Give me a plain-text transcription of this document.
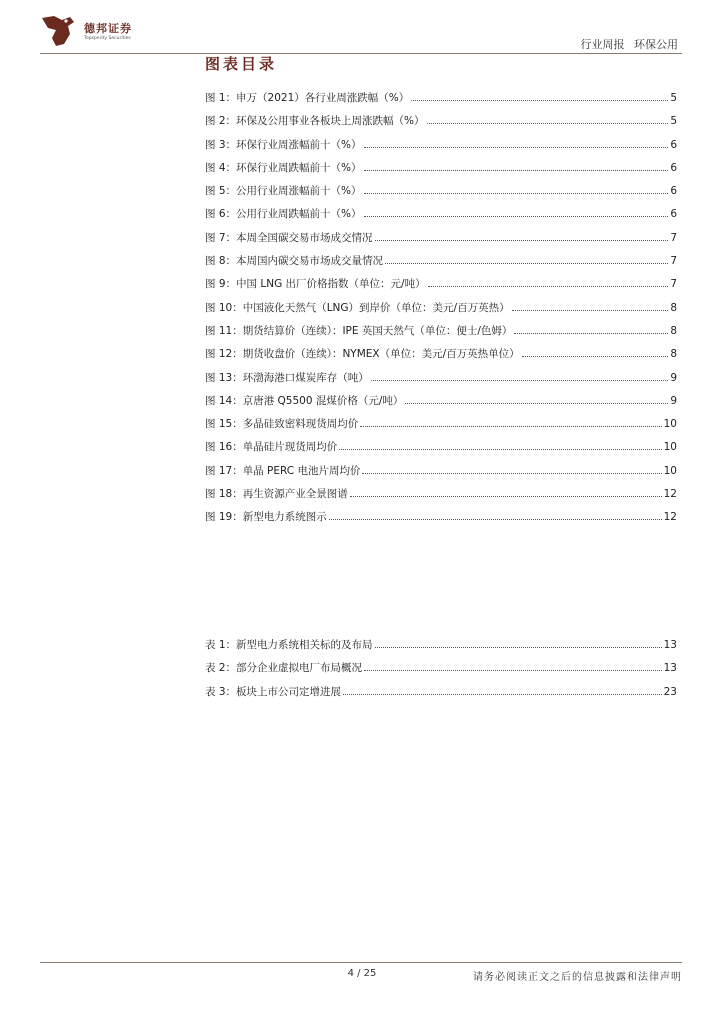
德邦证券
Topsperity Securities	行业周报 环保公用
图表目录
图 1： 申万（2021）各行业周涨跌幅（%）	5
图 2： 环保及公用事业各板块上周涨跌幅（%）	5
图 3： 环保行业周涨幅前十（%）	6
图 4： 环保行业周跌幅前十（%）	6
图 5： 公用行业周涨幅前十（%）	6
图 6： 公用行业周跌幅前十（%）	6
图 7： 本周全国碳交易市场成交情况	7
图 8： 本周国内碳交易市场成交量情况	7
图 9： 中国 LNG 出厂价格指数（单位：元/吨）	7
图 10： 中国液化天然气（LNG）到岸价（单位：美元/百万英热）	8
图 11： 期货结算价（连续）：IPE 英国天然气（单位：便士/色姆）	8
图 12： 期货收盘价（连续）：NYMEX（单位：美元/百万英热单位）	8
图 13： 环渤海港口煤炭库存（吨）	9
图 14： 京唐港 Q5500 混煤价格（元/吨）	9
图 15： 多晶硅致密料现货周均价	10
图 16： 单晶硅片现货周均价	10
图 17： 单晶 PERC 电池片周均价	10
图 18： 再生资源产业全景图谱	12
图 19： 新型电力系统图示	12
表 1： 新型电力系统相关标的及布局	13
表 2： 部分企业虚拟电厂布局概况	13
表 3： 板块上市公司定增进展	23
4 / 25	请务必阅读正文之后的信息披露和法律声明
